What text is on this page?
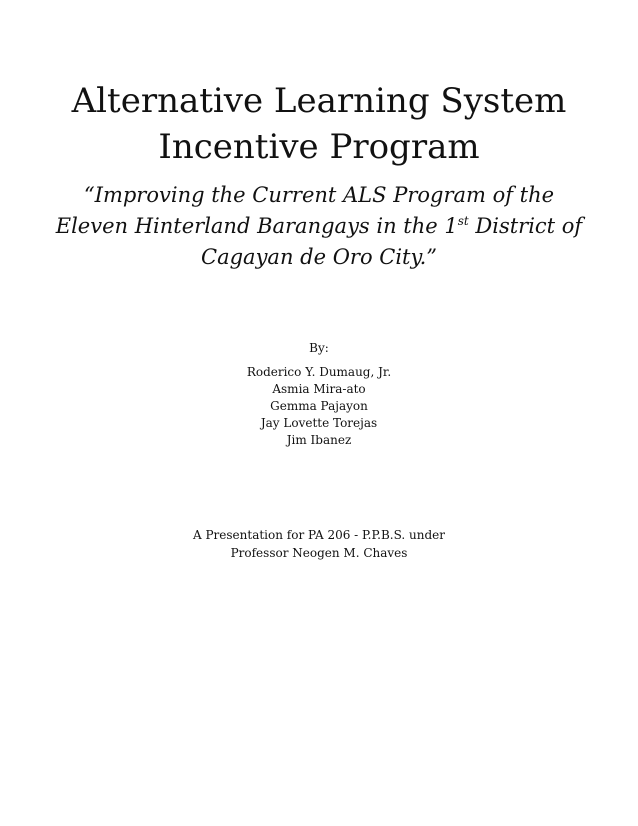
Alternative Learning System
Incentive Program

“Improving the Current ALS Program of the

Eleven Hinterland Barangays in the 1st District of

Cagayan de Oro City.”

By:
Roderico Y. Dumaug, Jr.
Asmia Mira-ato
Gemma Pajayon
Jay Lovette Torejas
Jim Ibanez
A Presentation for PA 206 - P.P.B.S. under
Professor Neogen M. Chaves
